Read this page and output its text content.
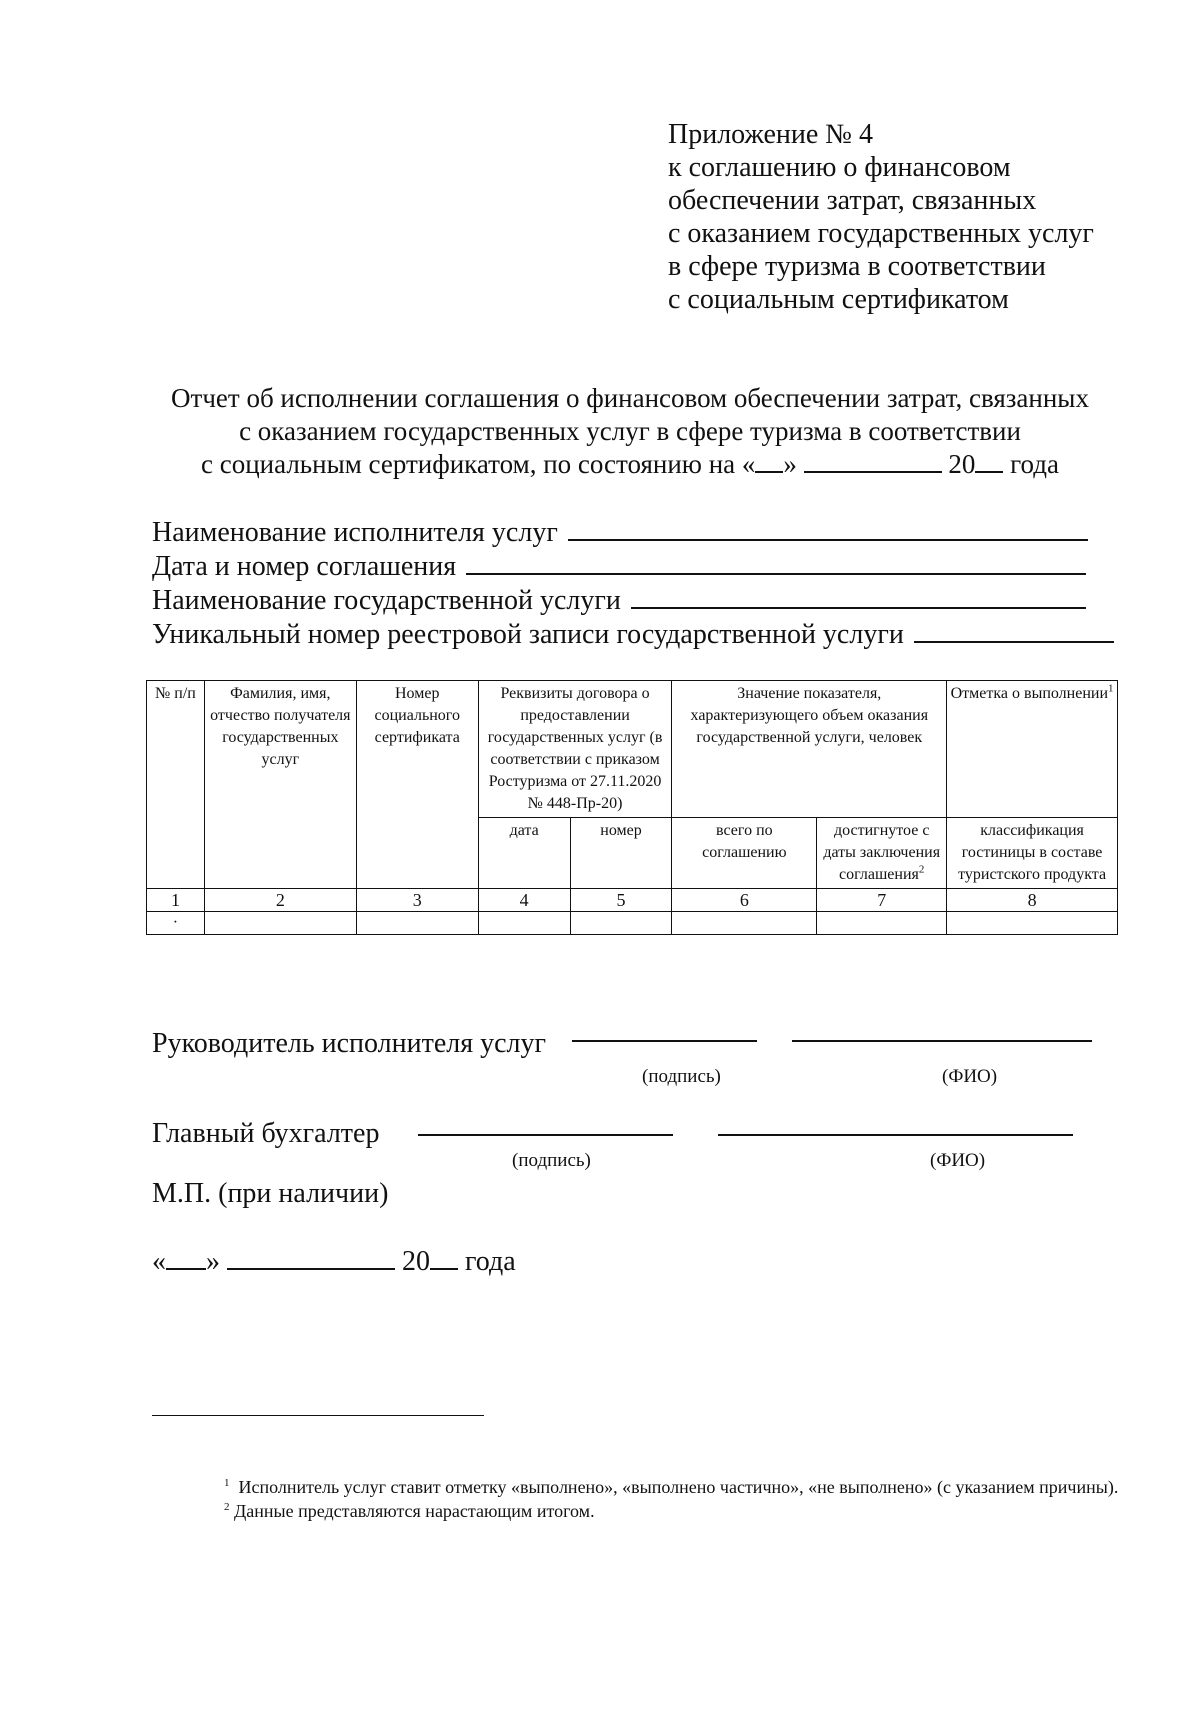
Приложение № 4
к соглашению о финансовом
обеспечении затрат, связанных
с оказанием государственных услуг
в сфере туризма в соответствии
с социальным сертификатом
Отчет об исполнении соглашения о финансовом обеспечении затрат, связанных
с оказанием государственных услуг в сфере туризма в соответствии
с социальным сертификатом, по состоянию на « »	20 года
Наименование исполнителя услуг
Дата и номер соглашения
Наименование государственной услуги
Уникальный номер реестровой записи государственной услуги
№ п/п	Фамилия, имя, отчество получателя государственных услуг	Номер социального сертификата	Реквизиты договора о предоставлении государственных услуг (в соответствии с приказом Ростуризма от 27.11.2020 № 448-Пр-20)		Значение показателя, характеризующего объем оказания государственной услуги, человек		Отметка о выполнении$^1$
			дата	номер	всего по соглашению	достигнутое с даты заключения соглашения$^2$	классификация гостиницы в составе туристского продукта
1	2	3	4	5	6	7	8
·							
Руководитель исполнителя услуг
(подпись)	(ФИО)
Главный бухгалтер
(подпись)	(ФИО)
М.П. (при наличии)
« »	20 года
$^1$ Исполнитель услуг ставит отметку «выполнено», «выполнено частично», «не выполнено» (с указанием причины).
$^2$ Данные представляются нарастающим итогом.
